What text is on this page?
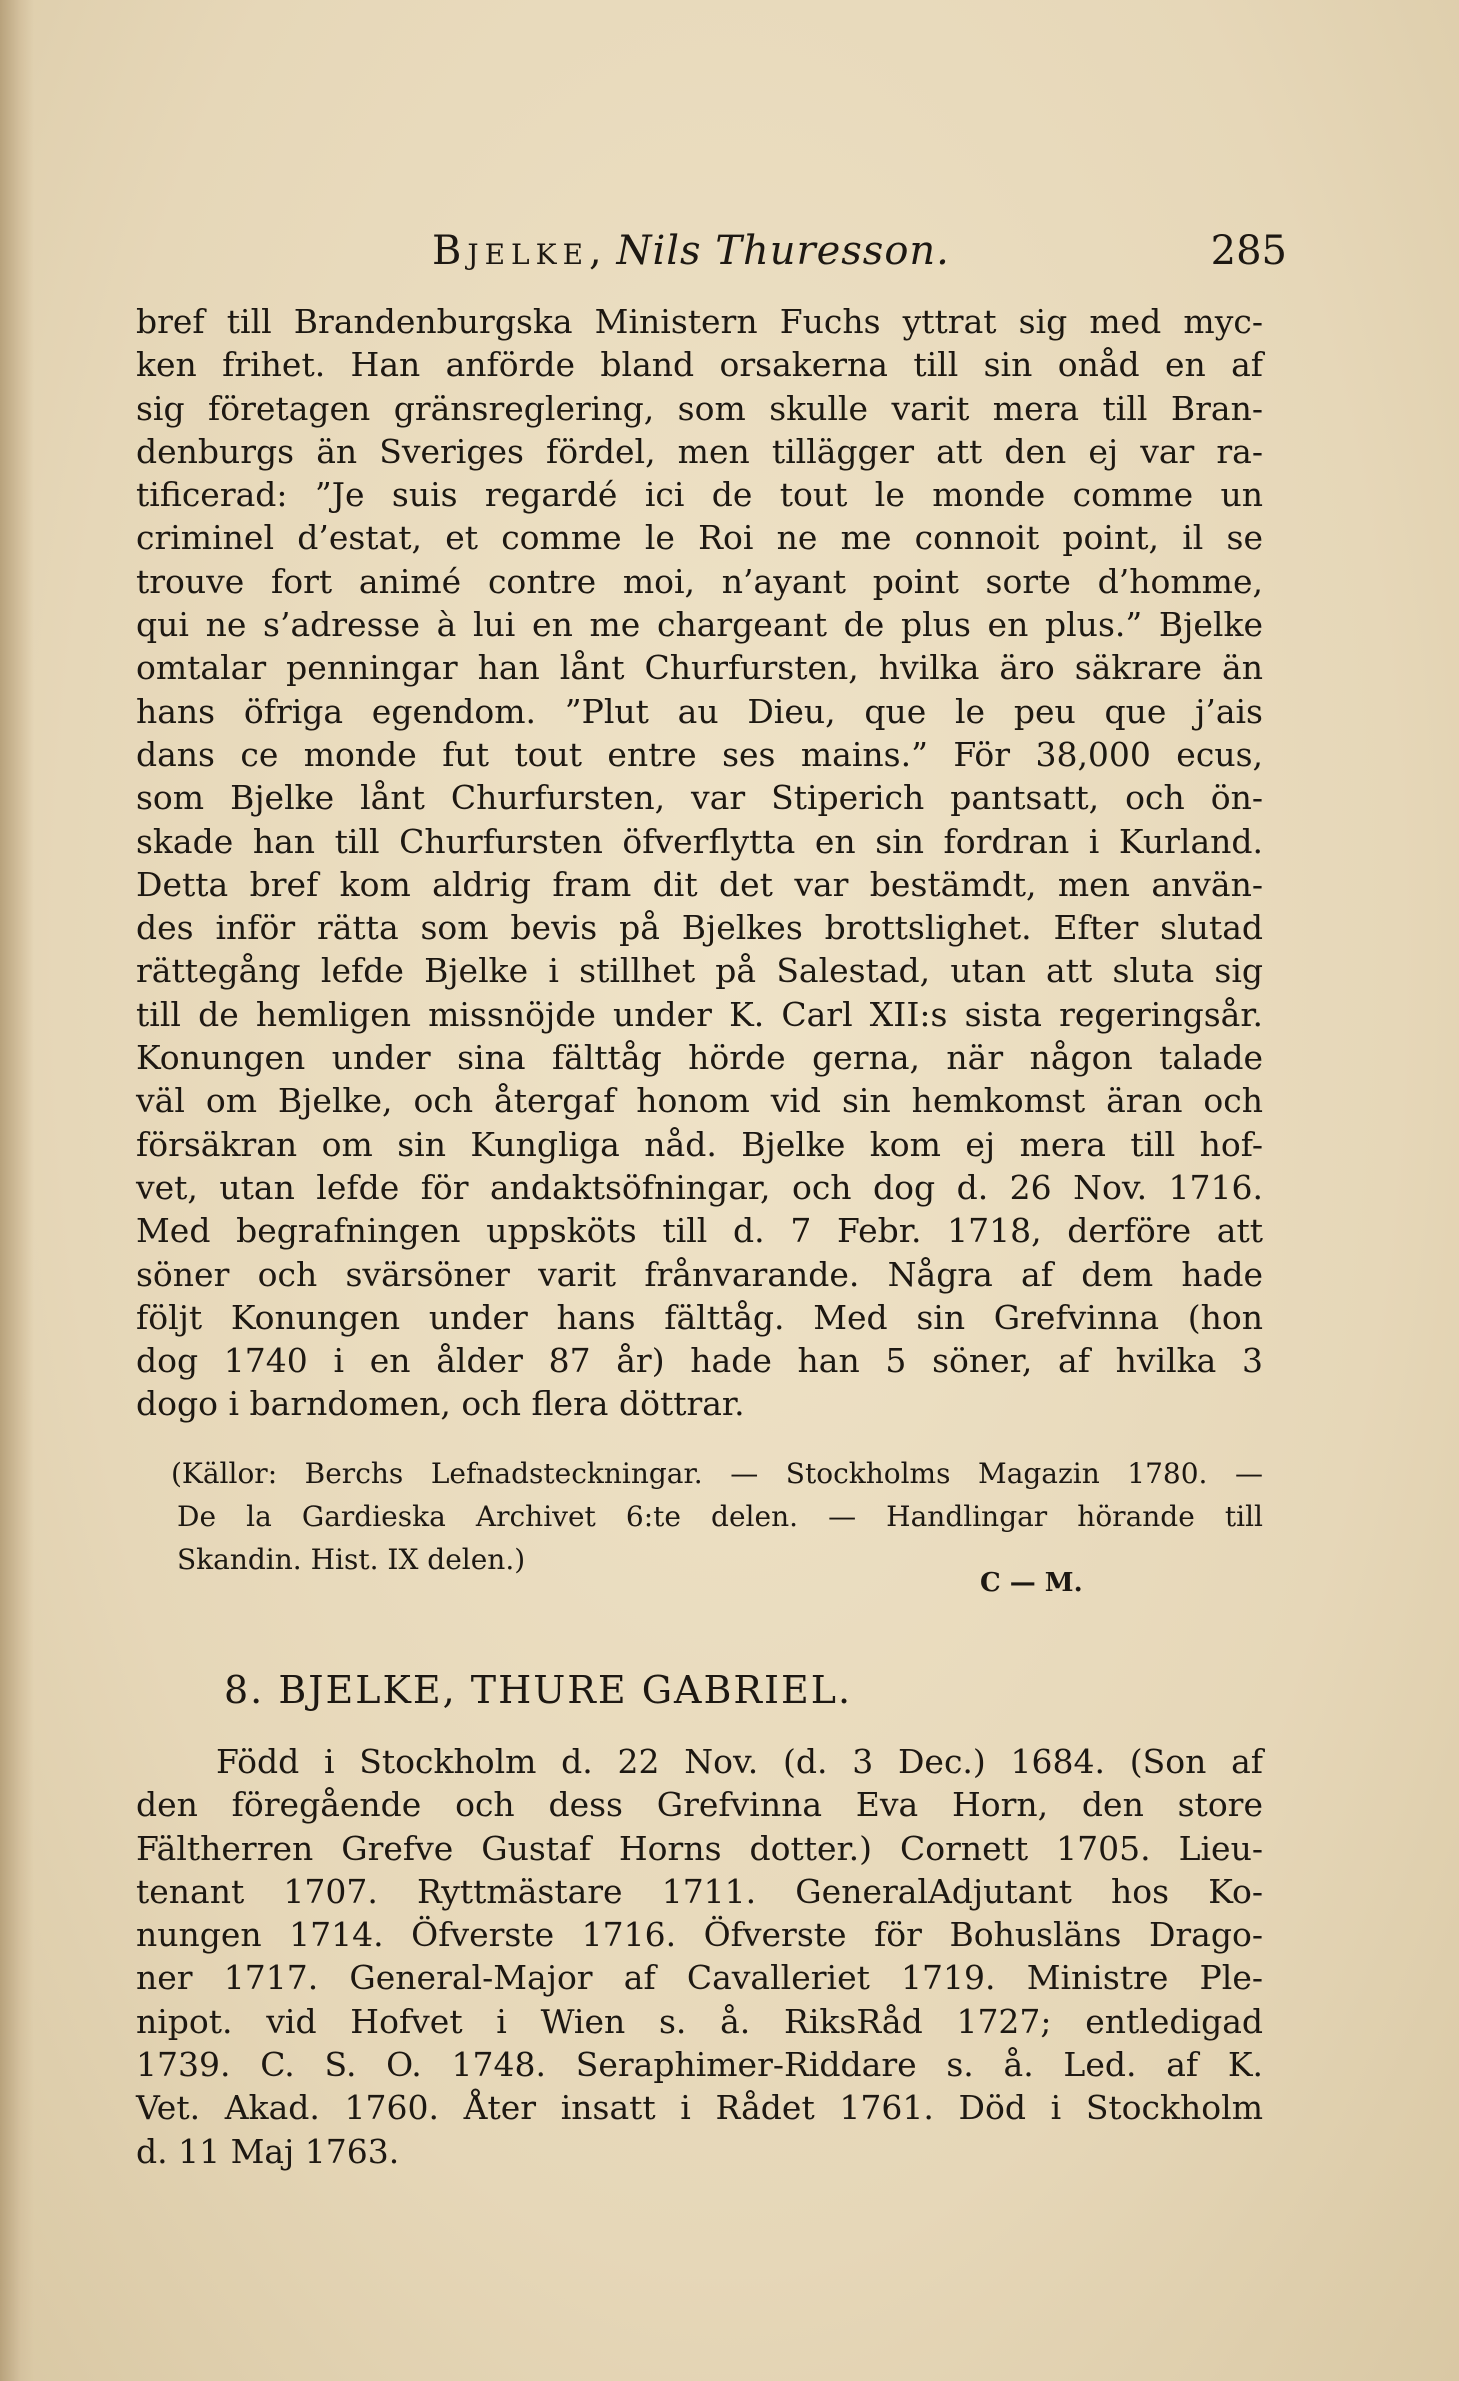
Bjelke, Nils Thuresson.	285
bref till Brandenburgska Ministern Fuchs yttrat sig med myc-
ken frihet. Han anförde bland orsakerna till sin onåd en af
sig företagen gränsreglering, som skulle varit mera till Bran-
denburgs än Sveriges fördel, men tillägger att den ej var ra-
tificerad: ”Je suis regardé ici de tout le monde comme un
criminel d’estat, et comme le Roi ne me connoit point, il se
trouve fort animé contre moi, n’ayant point sorte d’homme,
qui ne s’adresse à lui en me chargeant de plus en plus.” Bjelke
omtalar penningar han lånt Churfursten, hvilka äro säkrare än
hans öfriga egendom. ”Plut au Dieu, que le peu que j’ais
dans ce monde fut tout entre ses mains.” För 38,000 ecus,
som Bjelke lånt Churfursten, var Stiperich pantsatt, och ön-
skade han till Churfursten öfverflytta en sin fordran i Kurland.
Detta bref kom aldrig fram dit det var bestämdt, men använ-
des inför rätta som bevis på Bjelkes brottslighet. Efter slutad
rättegång lefde Bjelke i stillhet på Salestad, utan att sluta sig
till de hemligen missnöjde under K. Carl XII:s sista regeringsår.
Konungen under sina fälttåg hörde gerna, när någon talade
väl om Bjelke, och återgaf honom vid sin hemkomst äran och
försäkran om sin Kungliga nåd. Bjelke kom ej mera till hof-
vet, utan lefde för andaktsöfningar, och dog d. 26 Nov. 1716.
Med begrafningen uppsköts till d. 7 Febr. 1718, derföre att
söner och svärsöner varit frånvarande. Några af dem hade
följt Konungen under hans fälttåg. Med sin Grefvinna (hon
dog 1740 i en ålder 87 år) hade han 5 söner, af hvilka 3
dogo i barndomen, och flera döttrar.
(Källor: Berchs Lefnadsteckningar. — Stockholms Magazin 1780. —
De la Gardieska Archivet 6:te delen. — Handlingar hörande till
Skandin. Hist. IX delen.)
C — M.
8. BJELKE, THURE GABRIEL.
Född i Stockholm d. 22 Nov. (d. 3 Dec.) 1684. (Son af
den föregående och dess Grefvinna Eva Horn, den store
Fältherren Grefve Gustaf Horns dotter.) Cornett 1705. Lieu-
tenant 1707. Ryttmästare 1711. GeneralAdjutant hos Ko-
nungen 1714. Öfverste 1716. Öfverste för Bohusläns Drago-
ner 1717. General-Major af Cavalleriet 1719. Ministre Ple-
nipot. vid Hofvet i Wien s. å. RiksRåd 1727; entledigad
1739. C. S. O. 1748. Seraphimer-Riddare s. å. Led. af K.
Vet. Akad. 1760. Åter insatt i Rådet 1761. Död i Stockholm
d. 11 Maj 1763.
